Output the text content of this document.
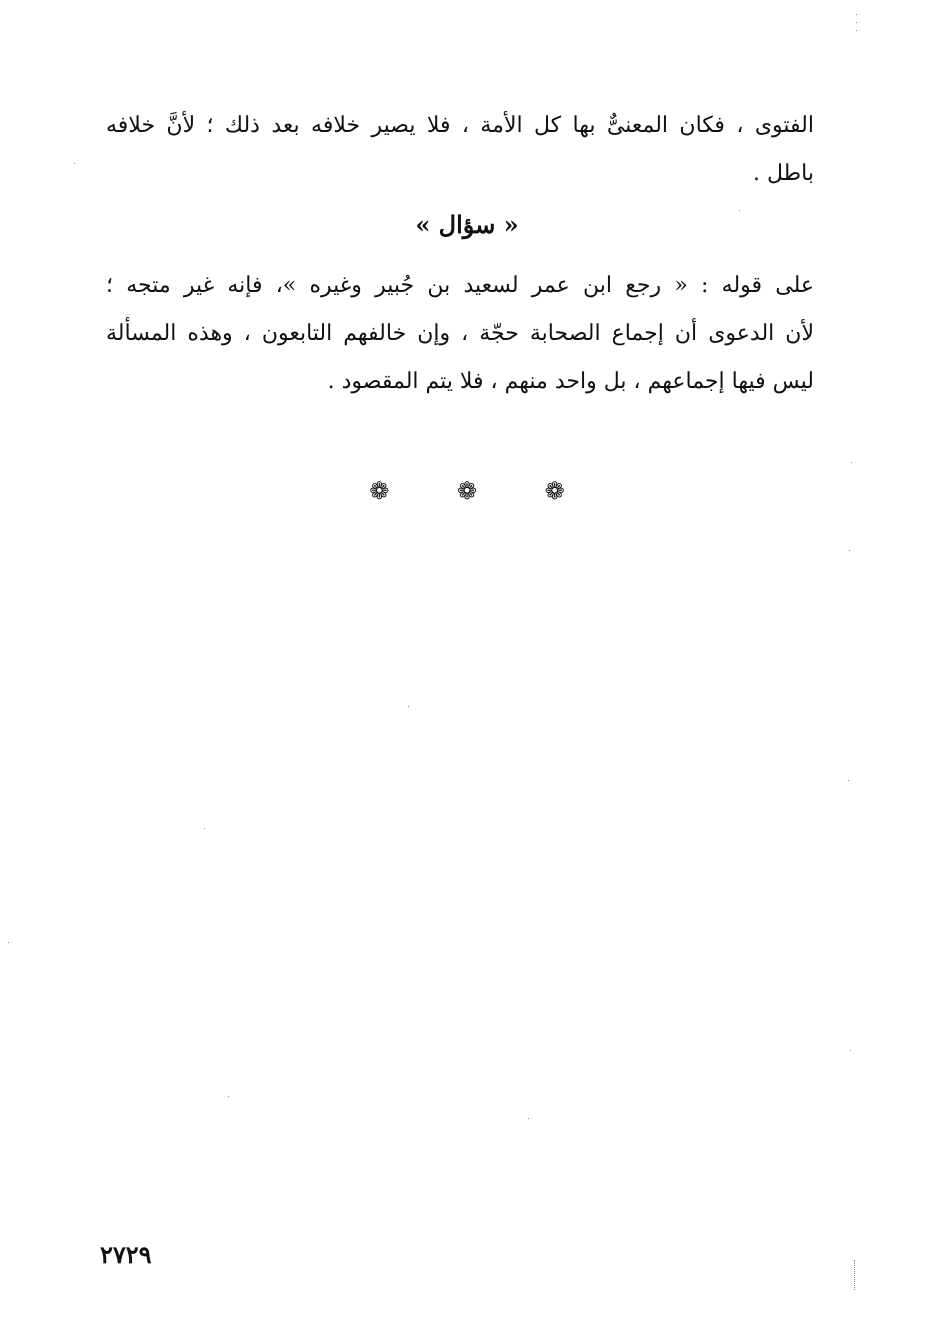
الفتوى ، فكان المعنىٌّ بها كل الأمة ، فلا يصير خلافه بعد ذلك ؛ لأنَّ خلافه
باطل .
« سؤال »
على قوله : « رجع ابن عمر لسعيد بن جُبير وغيره »، فإنه غير متجه ؛
لأن الدعوى أن إجماع الصحابة حجّة ، وإن خالفهم التابعون ، وهذه المسألة
ليس فيها إجماعهم ، بل واحد منهم ، فلا يتم المقصود .
❁ ❁ ❁
٢٧٢٩
